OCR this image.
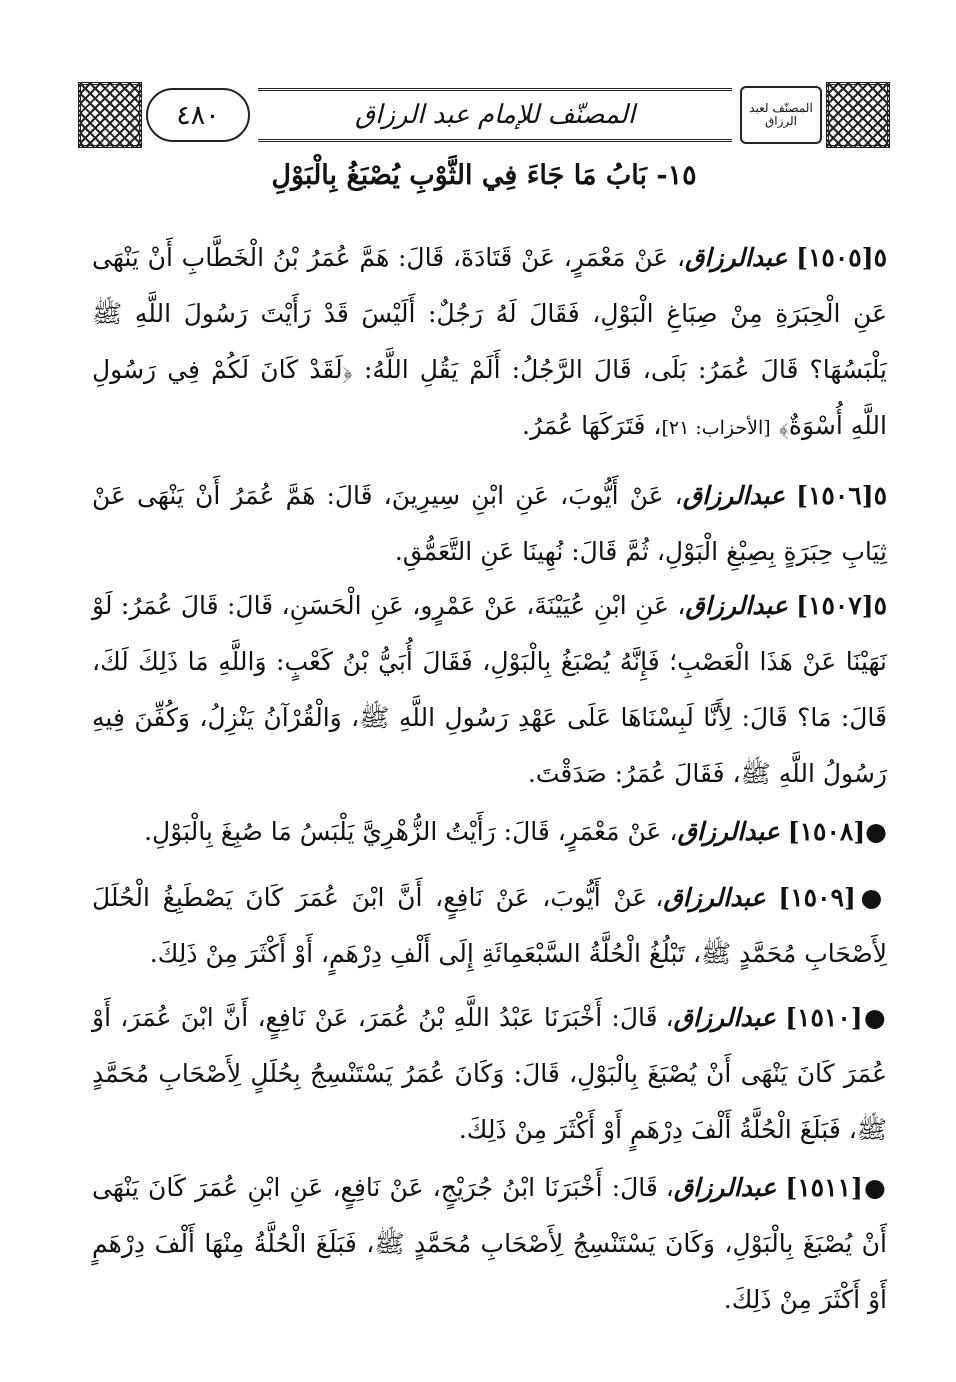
٤٨٠	المصنّف للإمام عبد الرزاق	المصنّف لعبد الرزاق
١٥- بَابُ مَا جَاءَ فِي الثَّوْبِ يُصْبَغُ بِالْبَوْلِ

٥[١٥٠٥] عبدالرزاق، عَنْ مَعْمَرٍ، عَنْ قَتَادَةَ، قَالَ: هَمَّ عُمَرُ بْنُ الْخَطَّابِ أَنْ يَنْهَى عَنِ الْحِبَرَةِ مِنْ صِبَاغِ الْبَوْلِ، فَقَالَ لَهُ رَجُلٌ: أَلَيْسَ قَدْ رَأَيْتَ رَسُولَ اللَّهِ ﷺ يَلْبَسُهَا؟ قَالَ عُمَرُ: بَلَى، قَالَ الرَّجُلُ: أَلَمْ يَقُلِ اللَّهُ: ﴿لَقَدْ كَانَ لَكُمْ فِي رَسُولِ اللَّهِ أُسْوَةٌ﴾ [الأحزاب: ٢١]، فَتَرَكَهَا عُمَرُ.

٥[١٥٠٦] عبدالرزاق، عَنْ أَيُّوبَ، عَنِ ابْنِ سِيرِينَ، قَالَ: هَمَّ عُمَرُ أَنْ يَنْهَى عَنْ ثِيَابِ حِبَرَةٍ بِصِبْغِ الْبَوْلِ، ثُمَّ قَالَ: نُهِينَا عَنِ التَّعَمُّقِ.

٥[١٥٠٧] عبدالرزاق، عَنِ ابْنِ عُيَيْنَةَ، عَنْ عَمْرٍو، عَنِ الْحَسَنِ، قَالَ: قَالَ عُمَرُ: لَوْ نَهَيْنَا عَنْ هَذَا الْعَصْبِ؛ فَإِنَّهُ يُصْبَغُ بِالْبَوْلِ، فَقَالَ أُبَيُّ بْنُ كَعْبٍ: وَاللَّهِ مَا ذَلِكَ لَكَ، قَالَ: مَا؟ قَالَ: لِأَنَّا لَبِسْنَاهَا عَلَى عَهْدِ رَسُولِ اللَّهِ ﷺ، وَالْقُرْآنُ يَنْزِلُ، وَكُفِّنَ فِيهِ رَسُولُ اللَّهِ ﷺ، فَقَالَ عُمَرُ: صَدَقْتَ.

●[١٥٠٨] عبدالرزاق، عَنْ مَعْمَرٍ، قَالَ: رَأَيْتُ الزُّهْرِيَّ يَلْبَسُ مَا صُبِغَ بِالْبَوْلِ.

●[١٥٠٩] عبدالرزاق، عَنْ أَيُّوبَ، عَنْ نَافِعٍ، أَنَّ ابْنَ عُمَرَ كَانَ يَصْطَبِغُ الْحُلَلَ لِأَصْحَابِ مُحَمَّدٍ ﷺ، تَبْلُغُ الْحُلَّةُ السَّبْعَمِائَةِ إِلَى أَلْفِ دِرْهَمٍ، أَوْ أَكْثَرَ مِنْ ذَلِكَ.

●[١٥١٠] عبدالرزاق، قَالَ: أَخْبَرَنَا عَبْدُ اللَّهِ بْنُ عُمَرَ، عَنْ نَافِعٍ، أَنَّ ابْنَ عُمَرَ، أَوْ عُمَرَ كَانَ يَنْهَى أَنْ يُصْبَغَ بِالْبَوْلِ، قَالَ: وَكَانَ عُمَرُ يَسْتَنْسِجُ بِحُلَلٍ لِأَصْحَابِ مُحَمَّدٍ ﷺ، فَبَلَغَ الْحُلَّةُ أَلْفَ دِرْهَمٍ أَوْ أَكْثَرَ مِنْ ذَلِكَ.

●[١٥١١] عبدالرزاق، قَالَ: أَخْبَرَنَا ابْنُ جُرَيْجٍ، عَنْ نَافِعٍ، عَنِ ابْنِ عُمَرَ كَانَ يَنْهَى أَنْ يُصْبَغَ بِالْبَوْلِ، وَكَانَ يَسْتَنْسِجُ لِأَصْحَابِ مُحَمَّدٍ ﷺ، فَبَلَغَ الْحُلَّةُ مِنْهَا أَلْفَ دِرْهَمٍ أَوْ أَكْثَرَ مِنْ ذَلِكَ.
